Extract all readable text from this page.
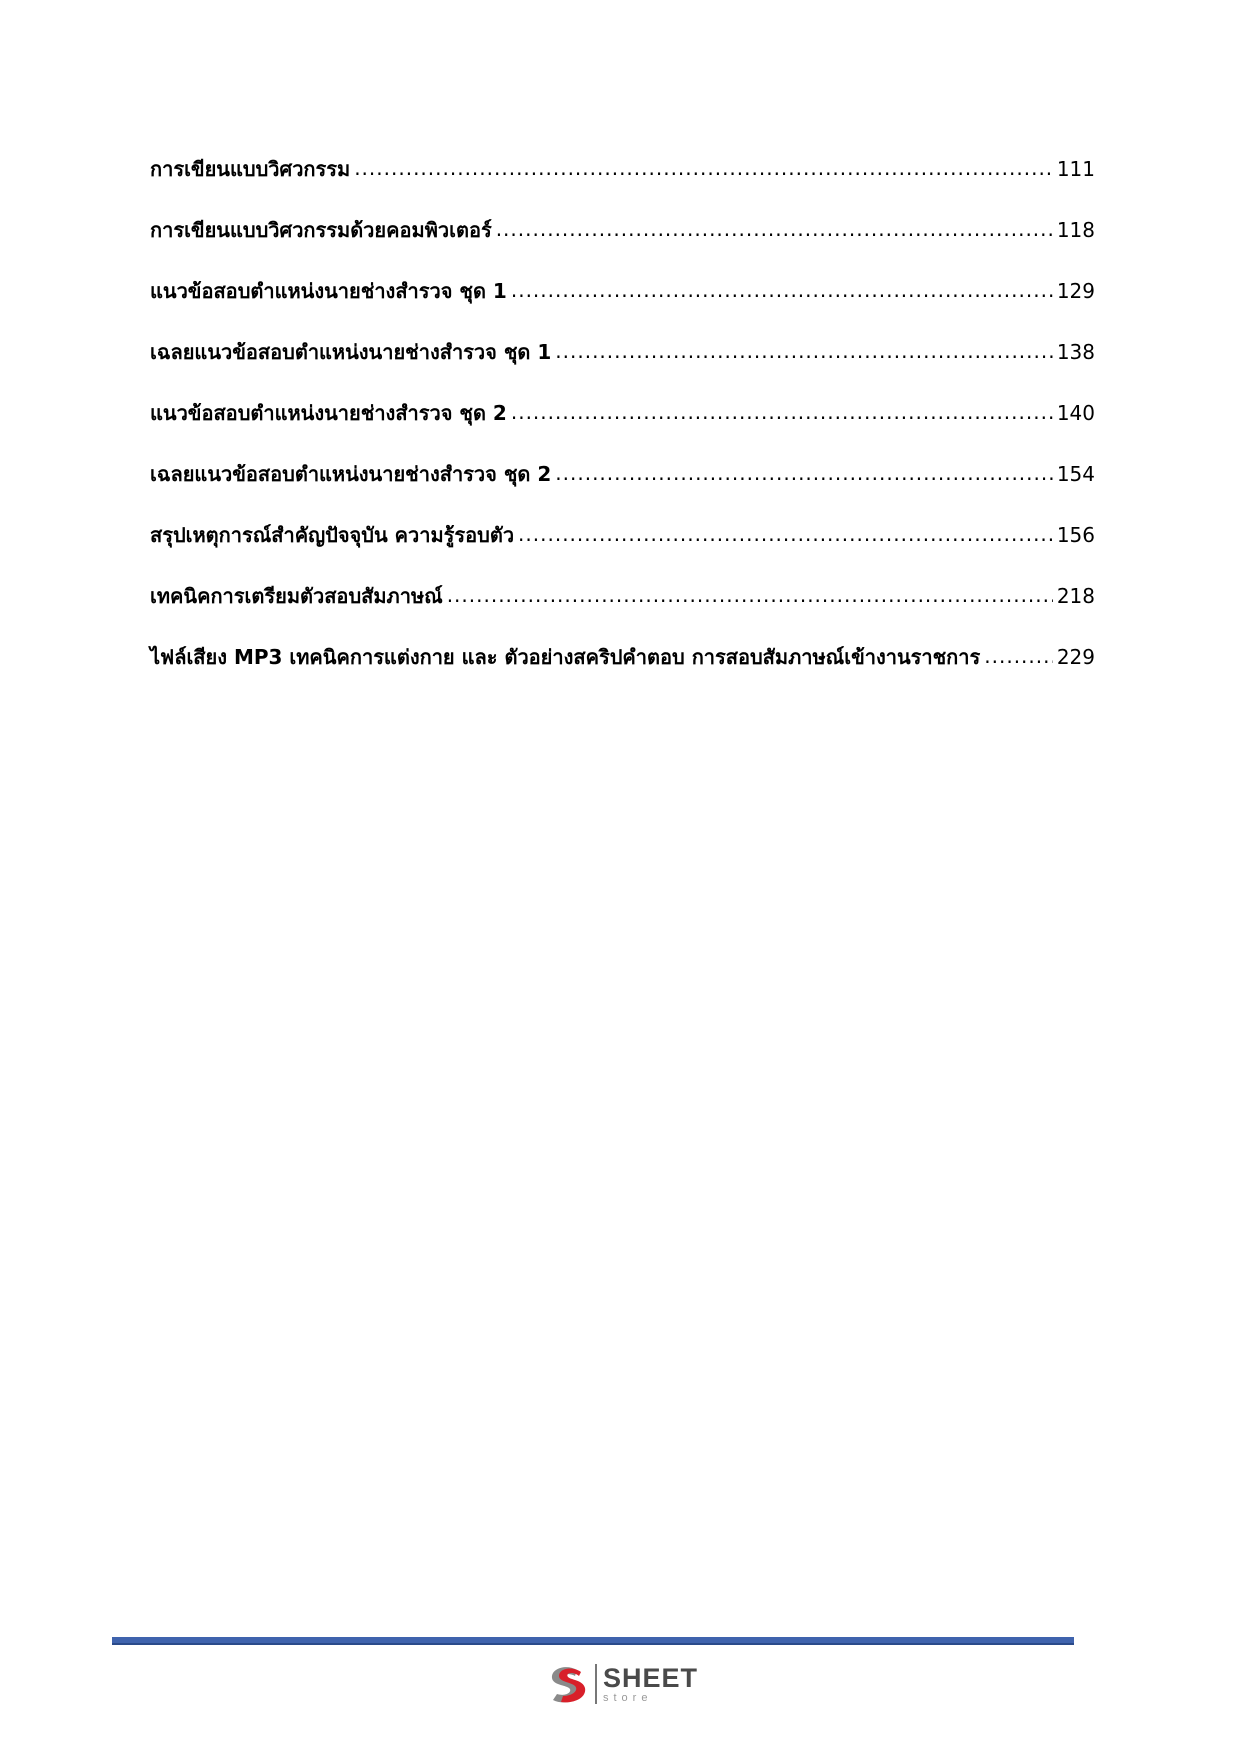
การเขียนแบบวิศวกรรม .....	111
การเขียนแบบวิศวกรรมด้วยคอมพิวเตอร์ .....	118
แนวข้อสอบตำแหน่งนายช่างสำรวจ ชุด 1 .....	129
เฉลยแนวข้อสอบตำแหน่งนายช่างสำรวจ ชุด 1 .....	138
แนวข้อสอบตำแหน่งนายช่างสำรวจ ชุด 2 .....	140
เฉลยแนวข้อสอบตำแหน่งนายช่างสำรวจ ชุด 2 .....	154
สรุปเหตุการณ์สำคัญปัจจุบัน ความรู้รอบตัว .....	156
เทคนิคการเตรียมตัวสอบสัมภาษณ์ .....	218
ไฟล์เสียง MP3 เทคนิคการแต่งกาย และ ตัวอย่างสคริปคำตอบ การสอบสัมภาษณ์เข้างานราชการ .....	229
SHEET
store
